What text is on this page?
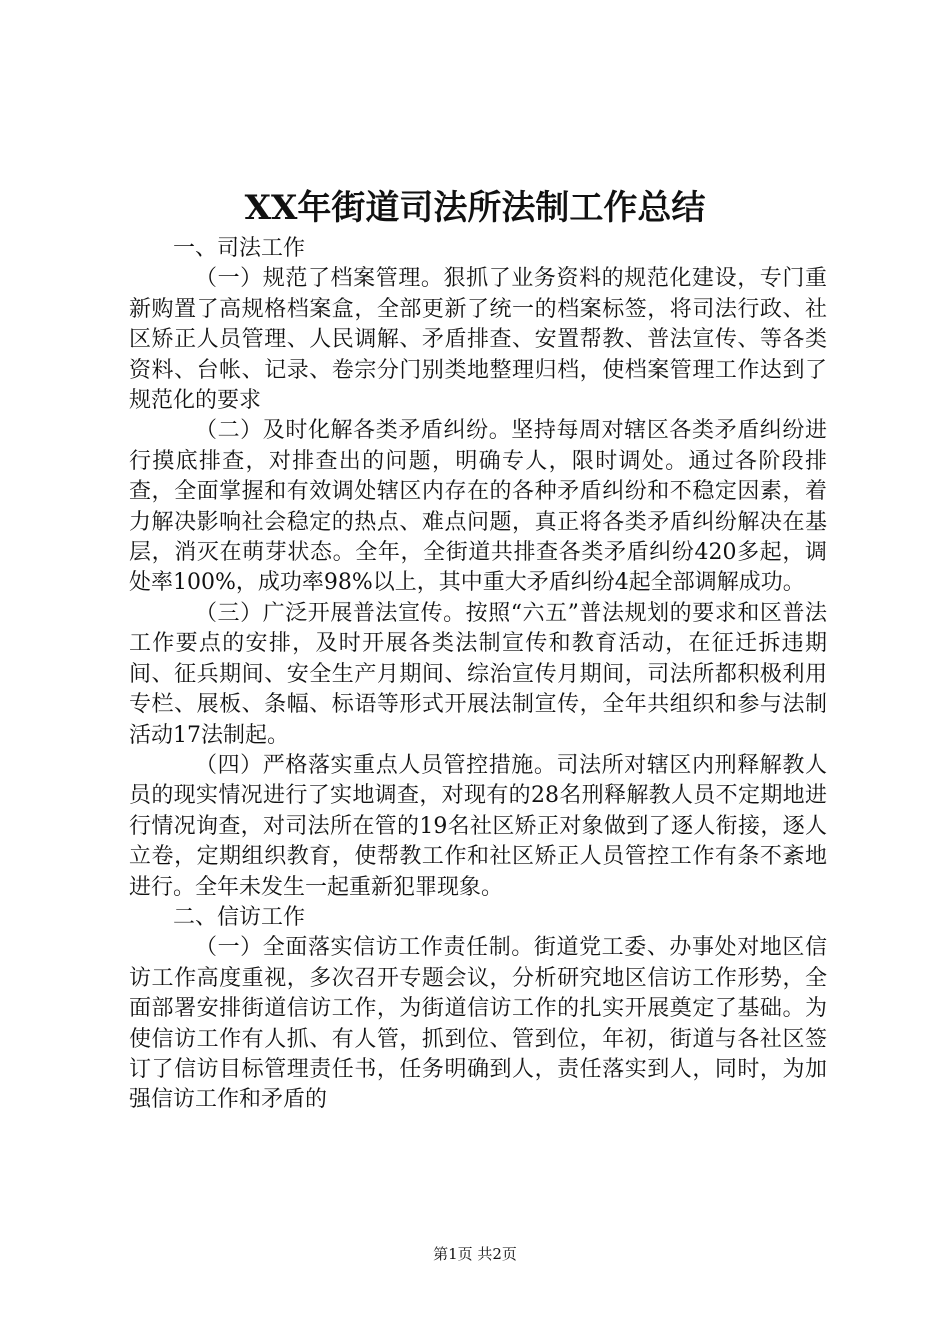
XX年街道司法所法制工作总结

一、司法工作

（一）规范了档案管理。狠抓了业务资料的规范化建设，专门重新购置了高规格档案盒，全部更新了统一的档案标签，将司法行政、社区矫正人员管理、人民调解、矛盾排查、安置帮教、普法宣传、等各类资料、台帐、记录、卷宗分门别类地整理归档，使档案管理工作达到了规范化的要求

（二）及时化解各类矛盾纠纷。坚持每周对辖区各类矛盾纠纷进行摸底排查，对排查出的问题，明确专人，限时调处。通过各阶段排查，全面掌握和有效调处辖区内存在的各种矛盾纠纷和不稳定因素，着力解决影响社会稳定的热点、难点问题，真正将各类矛盾纠纷解决在基层，消灭在萌芽状态。全年，全街道共排查各类矛盾纠纷420多起，调处率100%，成功率98%以上，其中重大矛盾纠纷4起全部调解成功。

（三）广泛开展普法宣传。按照“六五”普法规划的要求和区普法工作要点的安排，及时开展各类法制宣传和教育活动，在征迁拆违期间、征兵期间、安全生产月期间、综治宣传月期间，司法所都积极利用专栏、展板、条幅、标语等形式开展法制宣传，全年共组织和参与法制活动17法制起。

（四）严格落实重点人员管控措施。司法所对辖区内刑释解教人员的现实情况进行了实地调查，对现有的28名刑释解教人员不定期地进行情况询查，对司法所在管的19名社区矫正对象做到了逐人衔接，逐人立卷，定期组织教育，使帮教工作和社区矫正人员管控工作有条不紊地进行。全年未发生一起重新犯罪现象。

二、信访工作

（一）全面落实信访工作责任制。街道党工委、办事处对地区信访工作高度重视，多次召开专题会议，分析研究地区信访工作形势，全面部署安排街道信访工作，为街道信访工作的扎实开展奠定了基础。为使信访工作有人抓、有人管，抓到位、管到位，年初，街道与各社区签订了信访目标管理责任书，任务明确到人，责任落实到人，同时，为加强信访工作和矛盾的

第1页 共2页
